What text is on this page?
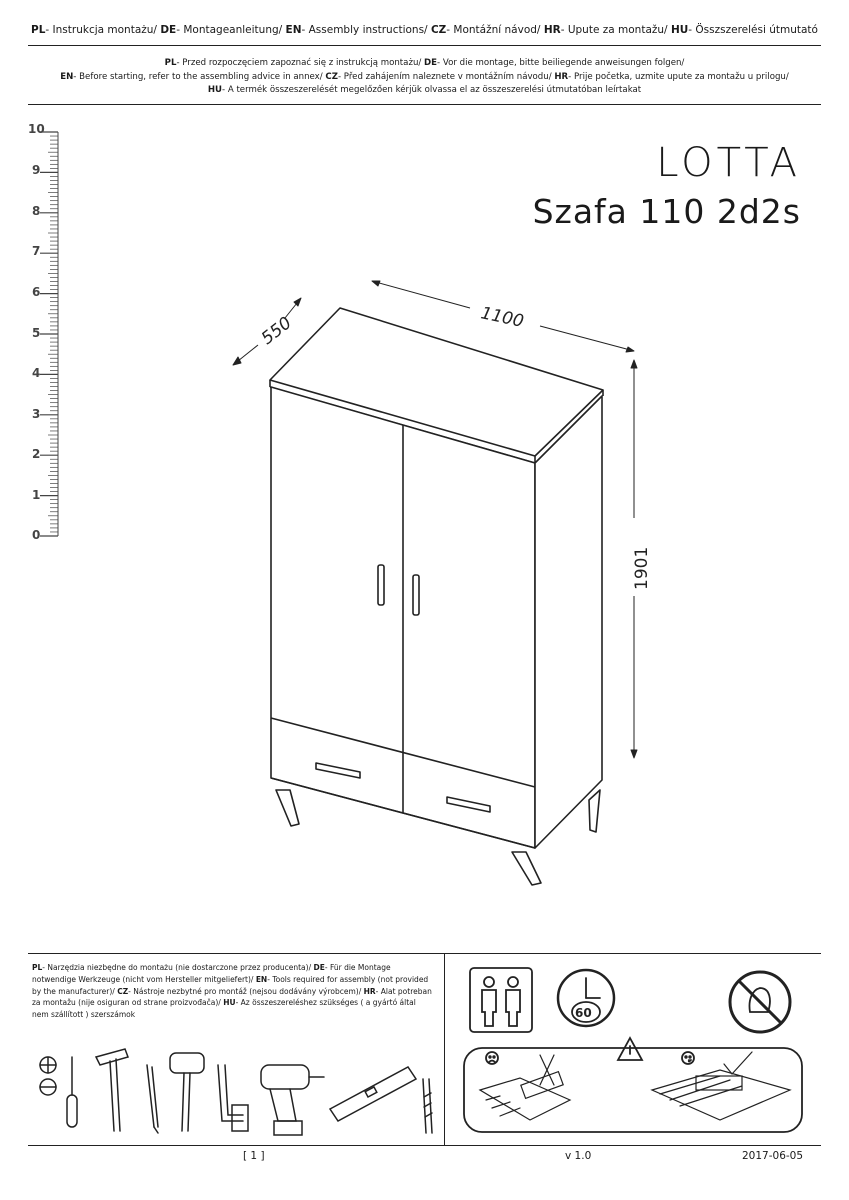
PL- Instrukcja montażu/ DE- Montageanleitung/ EN- Assembly instructions/ CZ- Montážní návod/ HR- Upute za montažu/ HU- Összszerelési útmutató
PL- Przed rozpoczęciem zapoznać się z instrukcją montażu/ DE- Vor die montage, bitte beiliegende anweisungen folgen/
EN- Before starting, refer to the assembling advice in annex/ CZ- Před zahájením naleznete v montážním návodu/ HR- Prije početka, uzmite upute za montažu u prilogu/
HU- A termék összeszerelését megelőzően kérjük olvassa el az összeszerelési útmutatóban leírtakat
10
9
8
7
6
5
4
3
2
1
0
LOTTA
Szafa 110 2d2s
550	1100
1901
PL- Narzędzia niezbędne do montażu (nie dostarczone przez producenta)/ DE- Für die Montage notwendige Werkzeuge (nicht vom Hersteller mitgeliefert)/ EN- Tools required for assembly (not provided by the manufacturer)/ CZ- Nástroje nezbytné pro montáž (nejsou dodávány výrobcem)/ HR- Alat potreban za montažu (nije osiguran od strane proizvođača)/ HU- Az összeszereléshez szükséges ( a gyártó által nem szállított ) szerszámok	60
[ 1 ]	v 1.0	2017-06-05
